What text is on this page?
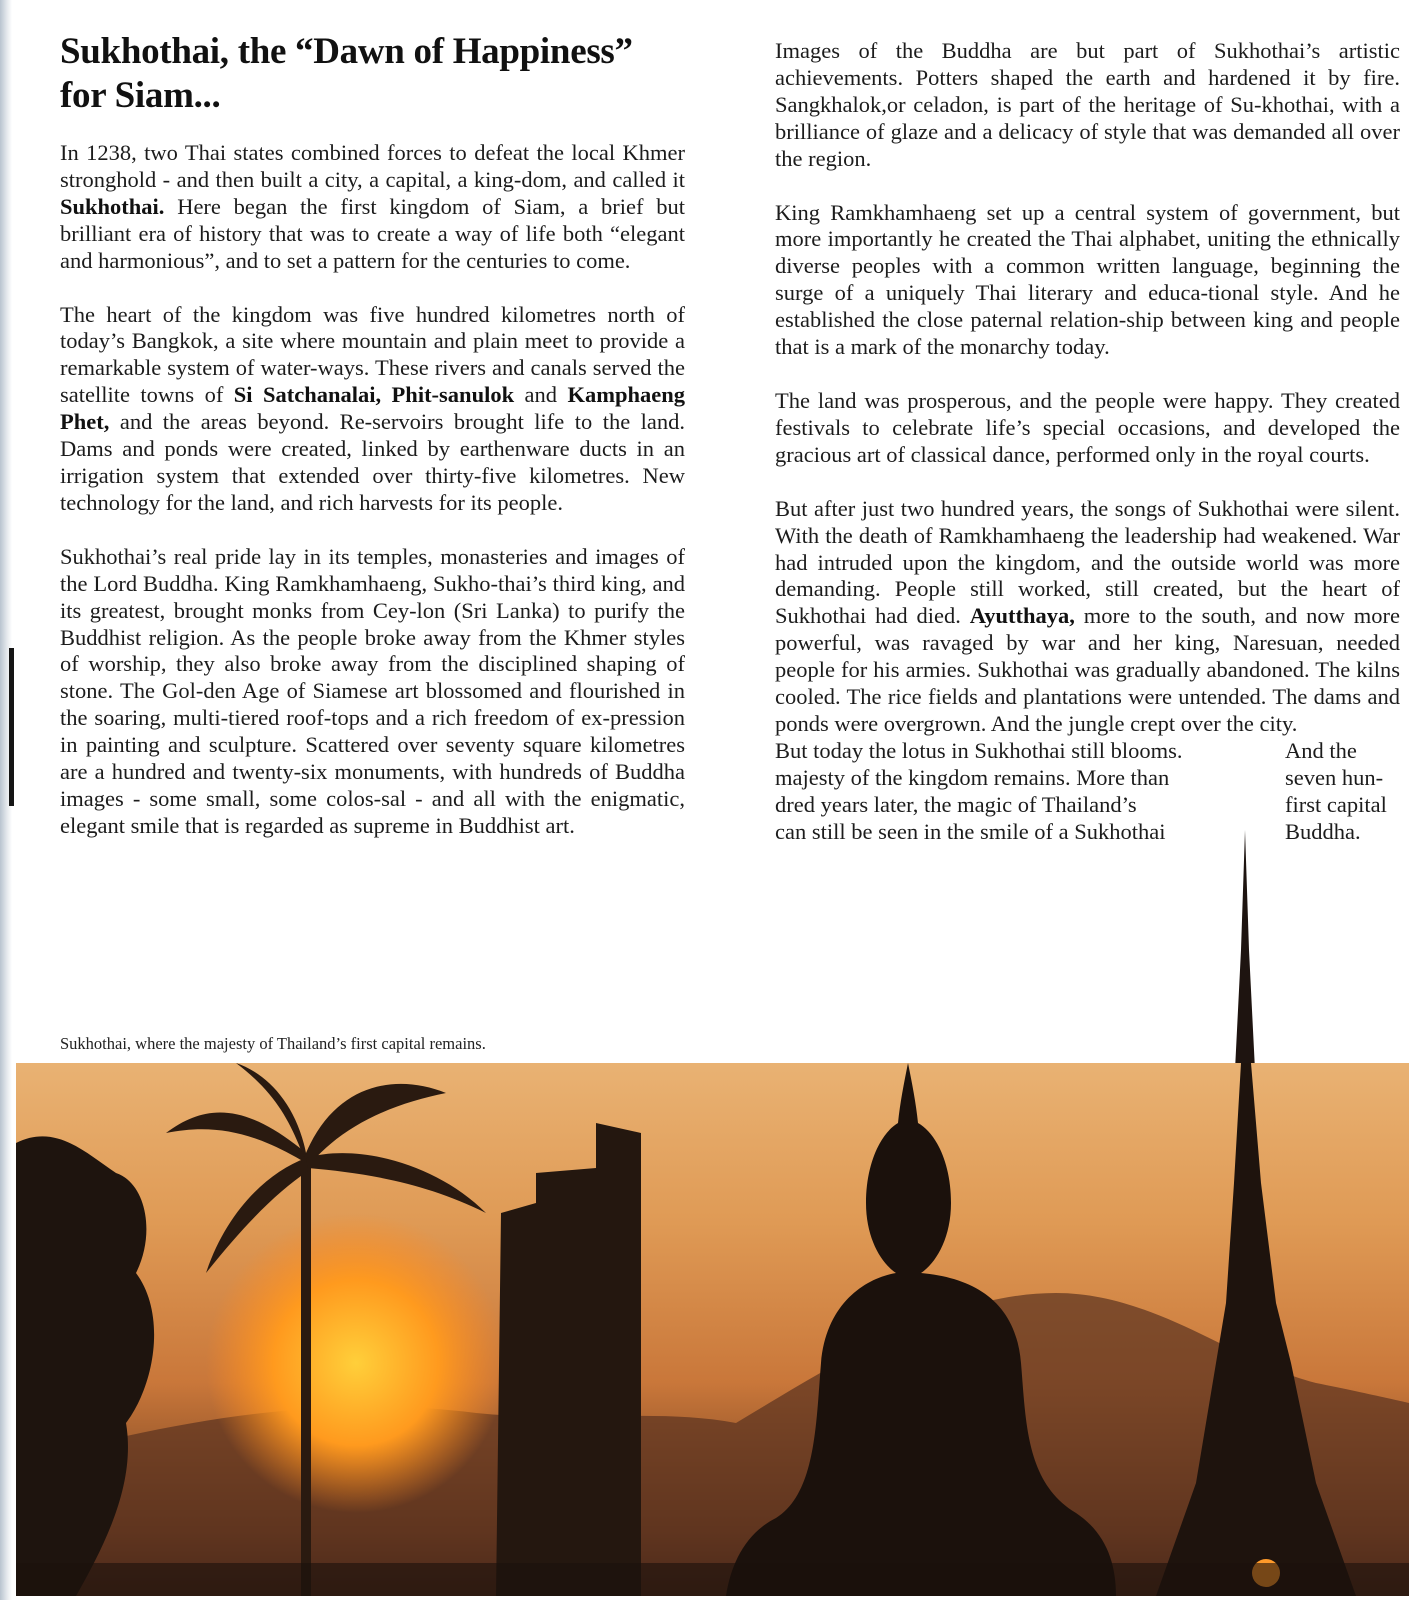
Sukhothai, the “Dawn of Happiness”
for Siam...

In 1238, two Thai states combined forces to defeat the local Khmer stronghold - and then built a city, a capital, a king-dom, and called it Sukhothai. Here began the first kingdom of Siam, a brief but brilliant era of history that was to create a way of life both “elegant and harmonious”, and to set a pattern for the centuries to come.

The heart of the kingdom was five hundred kilometres north of today’s Bangkok, a site where mountain and plain meet to provide a remarkable system of water-ways. These rivers and canals served the satellite towns of Si Satchanalai, Phit-sanulok and Kamphaeng Phet, and the areas beyond. Re-servoirs brought life to the land. Dams and ponds were created, linked by earthenware ducts in an irrigation system that extended over thirty-five kilometres. New technology for the land, and rich harvests for its people.

Sukhothai’s real pride lay in its temples, monasteries and images of the Lord Buddha. King Ramkhamhaeng, Sukho-thai’s third king, and its greatest, brought monks from Cey-lon (Sri Lanka) to purify the Buddhist religion. As the people broke away from the Khmer styles of worship, they also broke away from the disciplined shaping of stone. The Gol-den Age of Siamese art blossomed and flourished in the soaring, multi-tiered roof-tops and a rich freedom of ex-pression in painting and sculpture. Scattered over seventy square kilometres are a hundred and twenty-six monuments, with hundreds of Buddha images - some small, some colos-sal - and all with the enigmatic, elegant smile that is regarded as supreme in Buddhist art.

Images of the Buddha are but part of Sukhothai’s artistic achievements. Potters shaped the earth and hardened it by fire. Sangkhalok,or celadon, is part of the heritage of Su-khothai, with a brilliance of glaze and a delicacy of style that was demanded all over the region.

King Ramkhamhaeng set up a central system of government, but more importantly he created the Thai alphabet, uniting the ethnically diverse peoples with a common written language, beginning the surge of a uniquely Thai literary and educa-tional style. And he established the close paternal relation-ship between king and people that is a mark of the monarchy today.

The land was prosperous, and the people were happy. They created festivals to celebrate life’s special occasions, and developed the gracious art of classical dance, performed only in the royal courts.

But after just two hundred years, the songs of Sukhothai were silent. With the death of Ramkhamhaeng the leadership had weakened. War had intruded upon the kingdom, and the outside world was more demanding. People still worked, still created, but the heart of Sukhothai had died. Ayutthaya, more to the south, and now more powerful, was ravaged by war and her king, Naresuan, needed people for his armies. Sukhothai was gradually abandoned. The kilns cooled. The rice fields and plantations were untended. The dams and ponds were overgrown. And the jungle crept over the city.

But today the lotus in Sukhothai still blooms.	And the
majesty of the kingdom remains. More than	seven hun-
dred years later, the magic of Thailand’s	first capital
can still be seen in the smile of a Sukhothai	Buddha.

Sukhothai, where the majesty of Thailand’s first capital remains.
